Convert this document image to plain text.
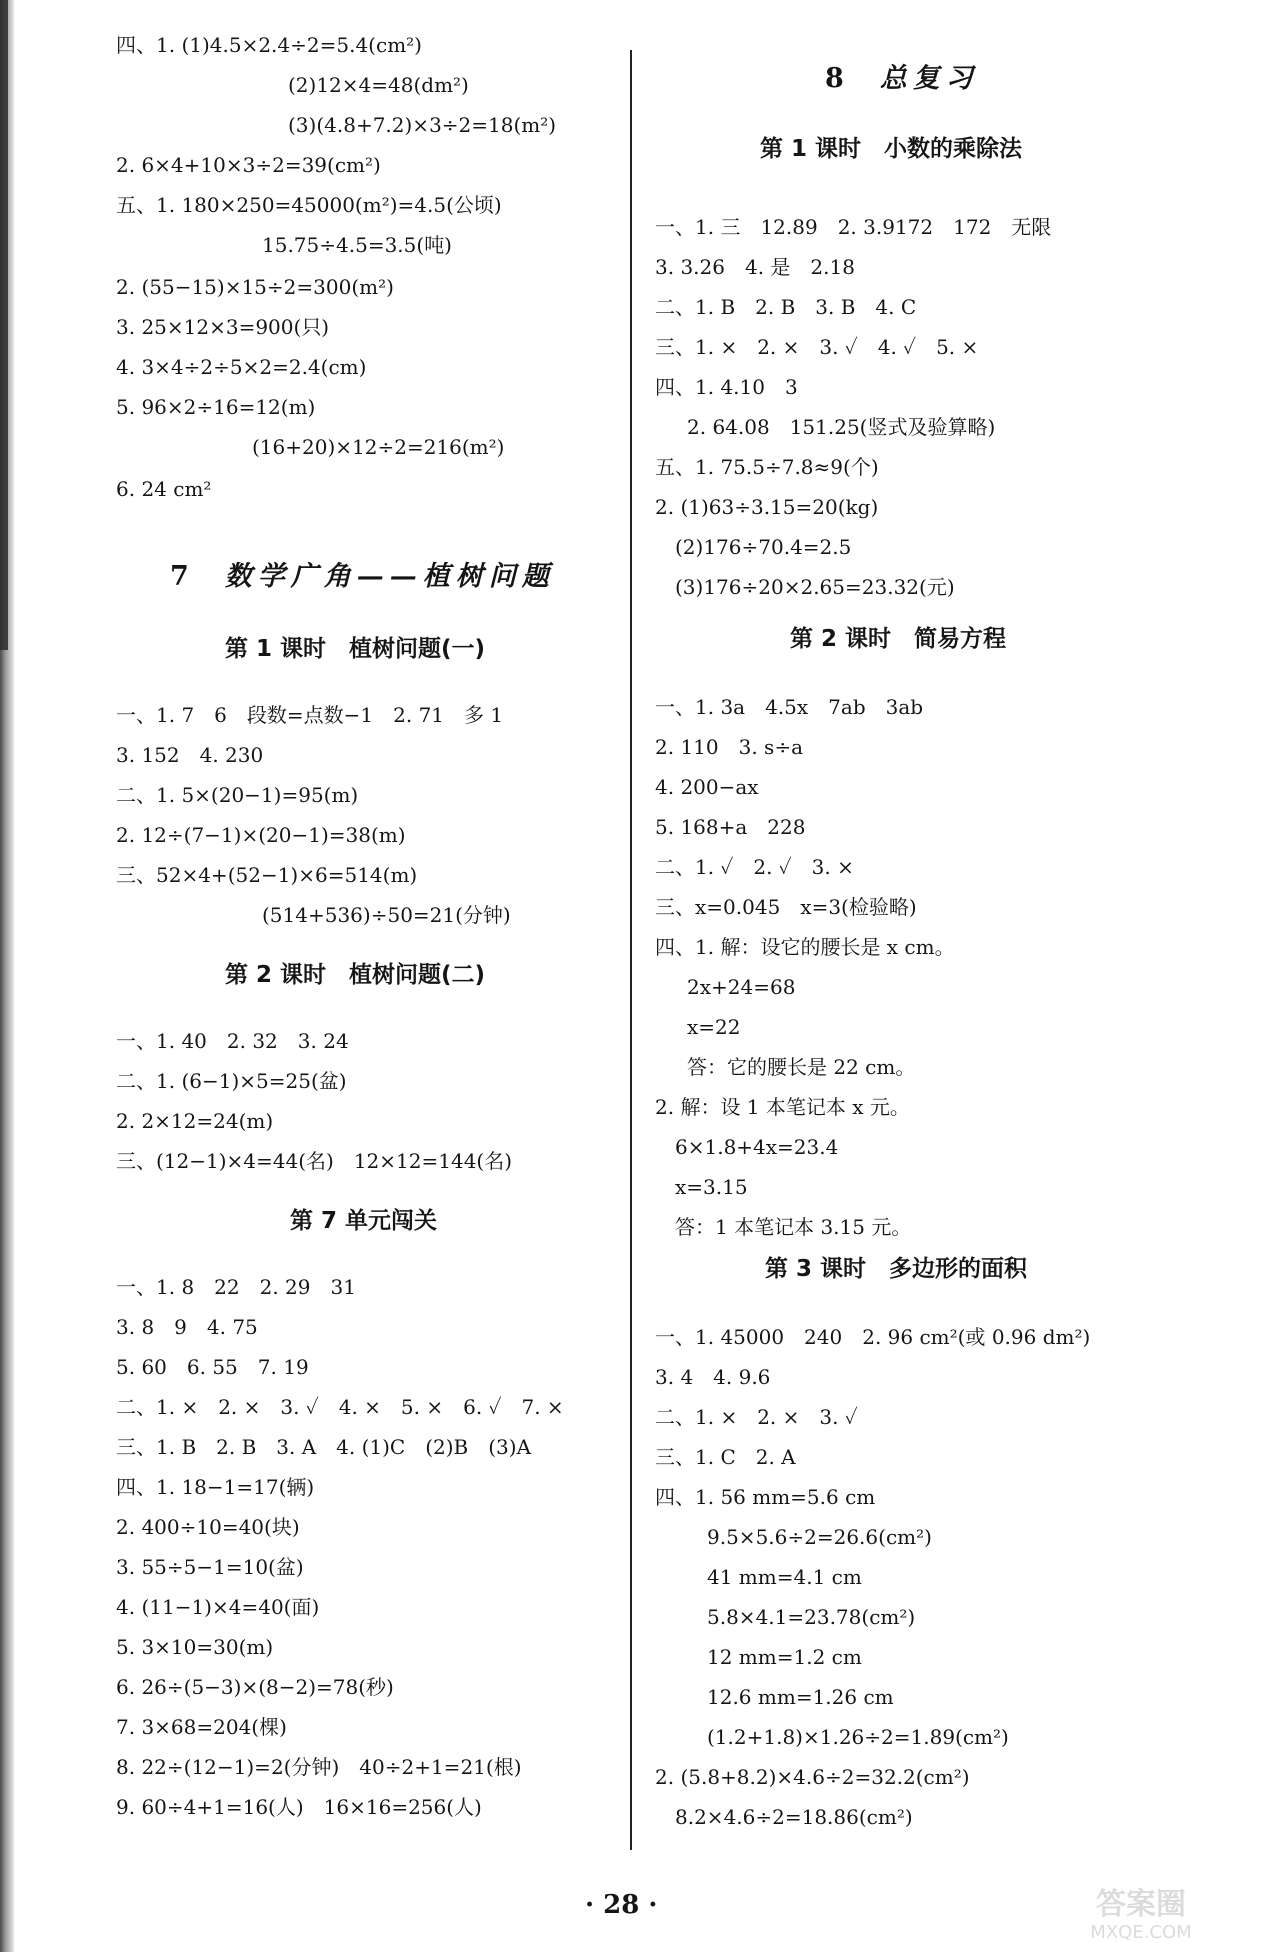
四、1. (1)4.5×2.4÷2=5.4(cm²)
(2)12×4=48(dm²)
(3)(4.8+7.2)×3÷2=18(m²)
2. 6×4+10×3÷2=39(cm²)
五、1. 180×250=45000(m²)=4.5(公顷)
15.75÷4.5=3.5(吨)
2. (55−15)×15÷2=300(m²)
3. 25×12×3=900(只)
4. 3×4÷2÷5×2=2.4(cm)
5. 96×2÷16=12(m)
(16+20)×12÷2=216(m²)
6. 24 cm²
7 数学广角——植树问题
第 1 课时　植树问题(一)
一、1. 7　6　段数=点数−1　2. 71　多 1
3. 152　4. 230
二、1. 5×(20−1)=95(m)
2. 12÷(7−1)×(20−1)=38(m)
三、52×4+(52−1)×6=514(m)
(514+536)÷50=21(分钟)
第 2 课时　植树问题(二)
一、1. 40　2. 32　3. 24
二、1. (6−1)×5=25(盆)
2. 2×12=24(m)
三、(12−1)×4=44(名)　12×12=144(名)
第 7 单元闯关
一、1. 8　22　2. 29　31
3. 8　9　4. 75
5. 60　6. 55　7. 19
二、1. ×　2. ×　3. ✓　4. ×　5. ×　6. ✓　7. ×
三、1. B　2. B　3. A　4. (1)C　(2)B　(3)A
四、1. 18−1=17(辆)
2. 400÷10=40(块)
3. 55÷5−1=10(盆)
4. (11−1)×4=40(面)
5. 3×10=30(m)
6. 26÷(5−3)×(8−2)=78(秒)
7. 3×68=204(棵)
8. 22÷(12−1)=2(分钟)　40÷2+1=21(根)
9. 60÷4+1=16(人)　16×16=256(人)
8 总复习
第 1 课时　小数的乘除法
一、1. 三　12.89　2. 3.9172　172　无限
3. 3.26　4. 是　2.18
二、1. B　2. B　3. B　4. C
三、1. ×　2. ×　3. ✓　4. ✓　5. ×
四、1. 4.10　3
2. 64.08　151.25(竖式及验算略)
五、1. 75.5÷7.8≈9(个)
2. (1)63÷3.15=20(kg)
(2)176÷70.4=2.5
(3)176÷20×2.65=23.32(元)
第 2 课时　简易方程
一、1. 3a　4.5x　7ab　3ab
2. 110　3. s÷a
4. 200−ax
5. 168+a　228
二、1. ✓　2. ✓　3. ×
三、x=0.045　x=3(检验略)
四、1. 解：设它的腰长是 x cm。
2x+24=68
x=22
答：它的腰长是 22 cm。
2. 解：设 1 本笔记本 x 元。
6×1.8+4x=23.4
x=3.15
答：1 本笔记本 3.15 元。
第 3 课时　多边形的面积
一、1. 45000　240　2. 96 cm²(或 0.96 dm²)
3. 4　4. 9.6
二、1. ×　2. ×　3. ✓
三、1. C　2. A
四、1. 56 mm=5.6 cm
9.5×5.6÷2=26.6(cm²)
41 mm=4.1 cm
5.8×4.1=23.78(cm²)
12 mm=1.2 cm
12.6 mm=1.26 cm
(1.2+1.8)×1.26÷2=1.89(cm²)
2. (5.8+8.2)×4.6÷2=32.2(cm²)
8.2×4.6÷2=18.86(cm²)
· 28 ·	答案圈
MXQE.COM
